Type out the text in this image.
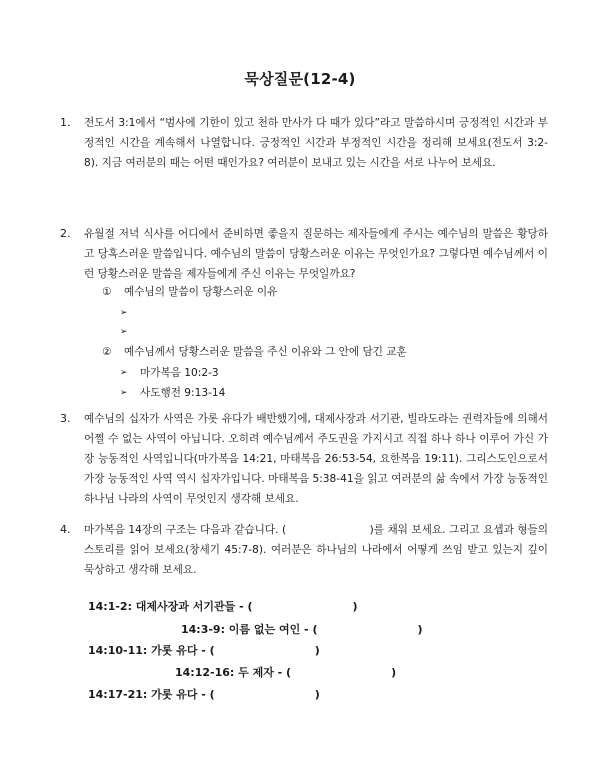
묵상질문(12-4)
1. 전도서 3:1에서 “범사에 기한이 있고 천하 만사가 다 때가 있다”라고 말씀하시며 긍정적인 시간과 부정적인 시간을 계속해서 나열합니다. 긍정적인 시간과 부정적인 시간을 정리해 보세요(전도서 3:2-8). 지금 여러분의 때는 어떤 때인가요? 여러분이 보내고 있는 시간을 서로 나누어 보세요.
2. 유월절 저녁 식사를 어디에서 준비하면 좋을지 질문하는 제자들에게 주시는 예수님의 말씀은 황당하고 당혹스러운 말씀입니다. 예수님의 말씀이 당황스러운 이유는 무엇인가요? 그렇다면 예수님께서 이런 당황스러운 말씀을 제자들에게 주신 이유는 무엇일까요?
① 예수님의 말씀이 당황스러운 이유
➢
➢
② 예수님께서 당황스러운 말씀을 주신 이유와 그 안에 담긴 교훈
➢ 마가복음 10:2-3
➢ 사도행전 9:13-14
3. 예수님의 십자가 사역은 가롯 유다가 배반했기에, 대제사장과 서기관, 빌라도라는 권력자들에 의해서 어쩔 수 없는 사역이 아닙니다. 오히려 예수님께서 주도권을 가지시고 직접 하나 하나 이루어 가신 가장 능동적인 사역입니다(마가복음 14:21, 마태복음 26:53-54, 요한복음 19:11). 그리스도인으로서 가장 능동적인 사역 역시 십자가입니다. 마태복음 5:38-41을 읽고 여러분의 삶 속에서 가장 능동적인 하나님 나라의 사역이 무엇인지 생각해 보세요.
4. 마가복음 14장의 구조는 다음과 같습니다. (                        )를 채워 보세요. 그리고 요셉과 형들의 스토리를 읽어 보세요(창세기 45:7-8). 여러분은 하나님의 나라에서 어떻게 쓰임 받고 있는지 깊이 묵상하고 생각해 보세요.
14:1-2: 대제사장과 서기관들 - (	)
14:3-9: 이름 없는 여인 - (	)
14:10-11: 가롯 유다 - (	)
14:12-16: 두 제자 - (	)
14:17-21: 가롯 유다 - (	)
